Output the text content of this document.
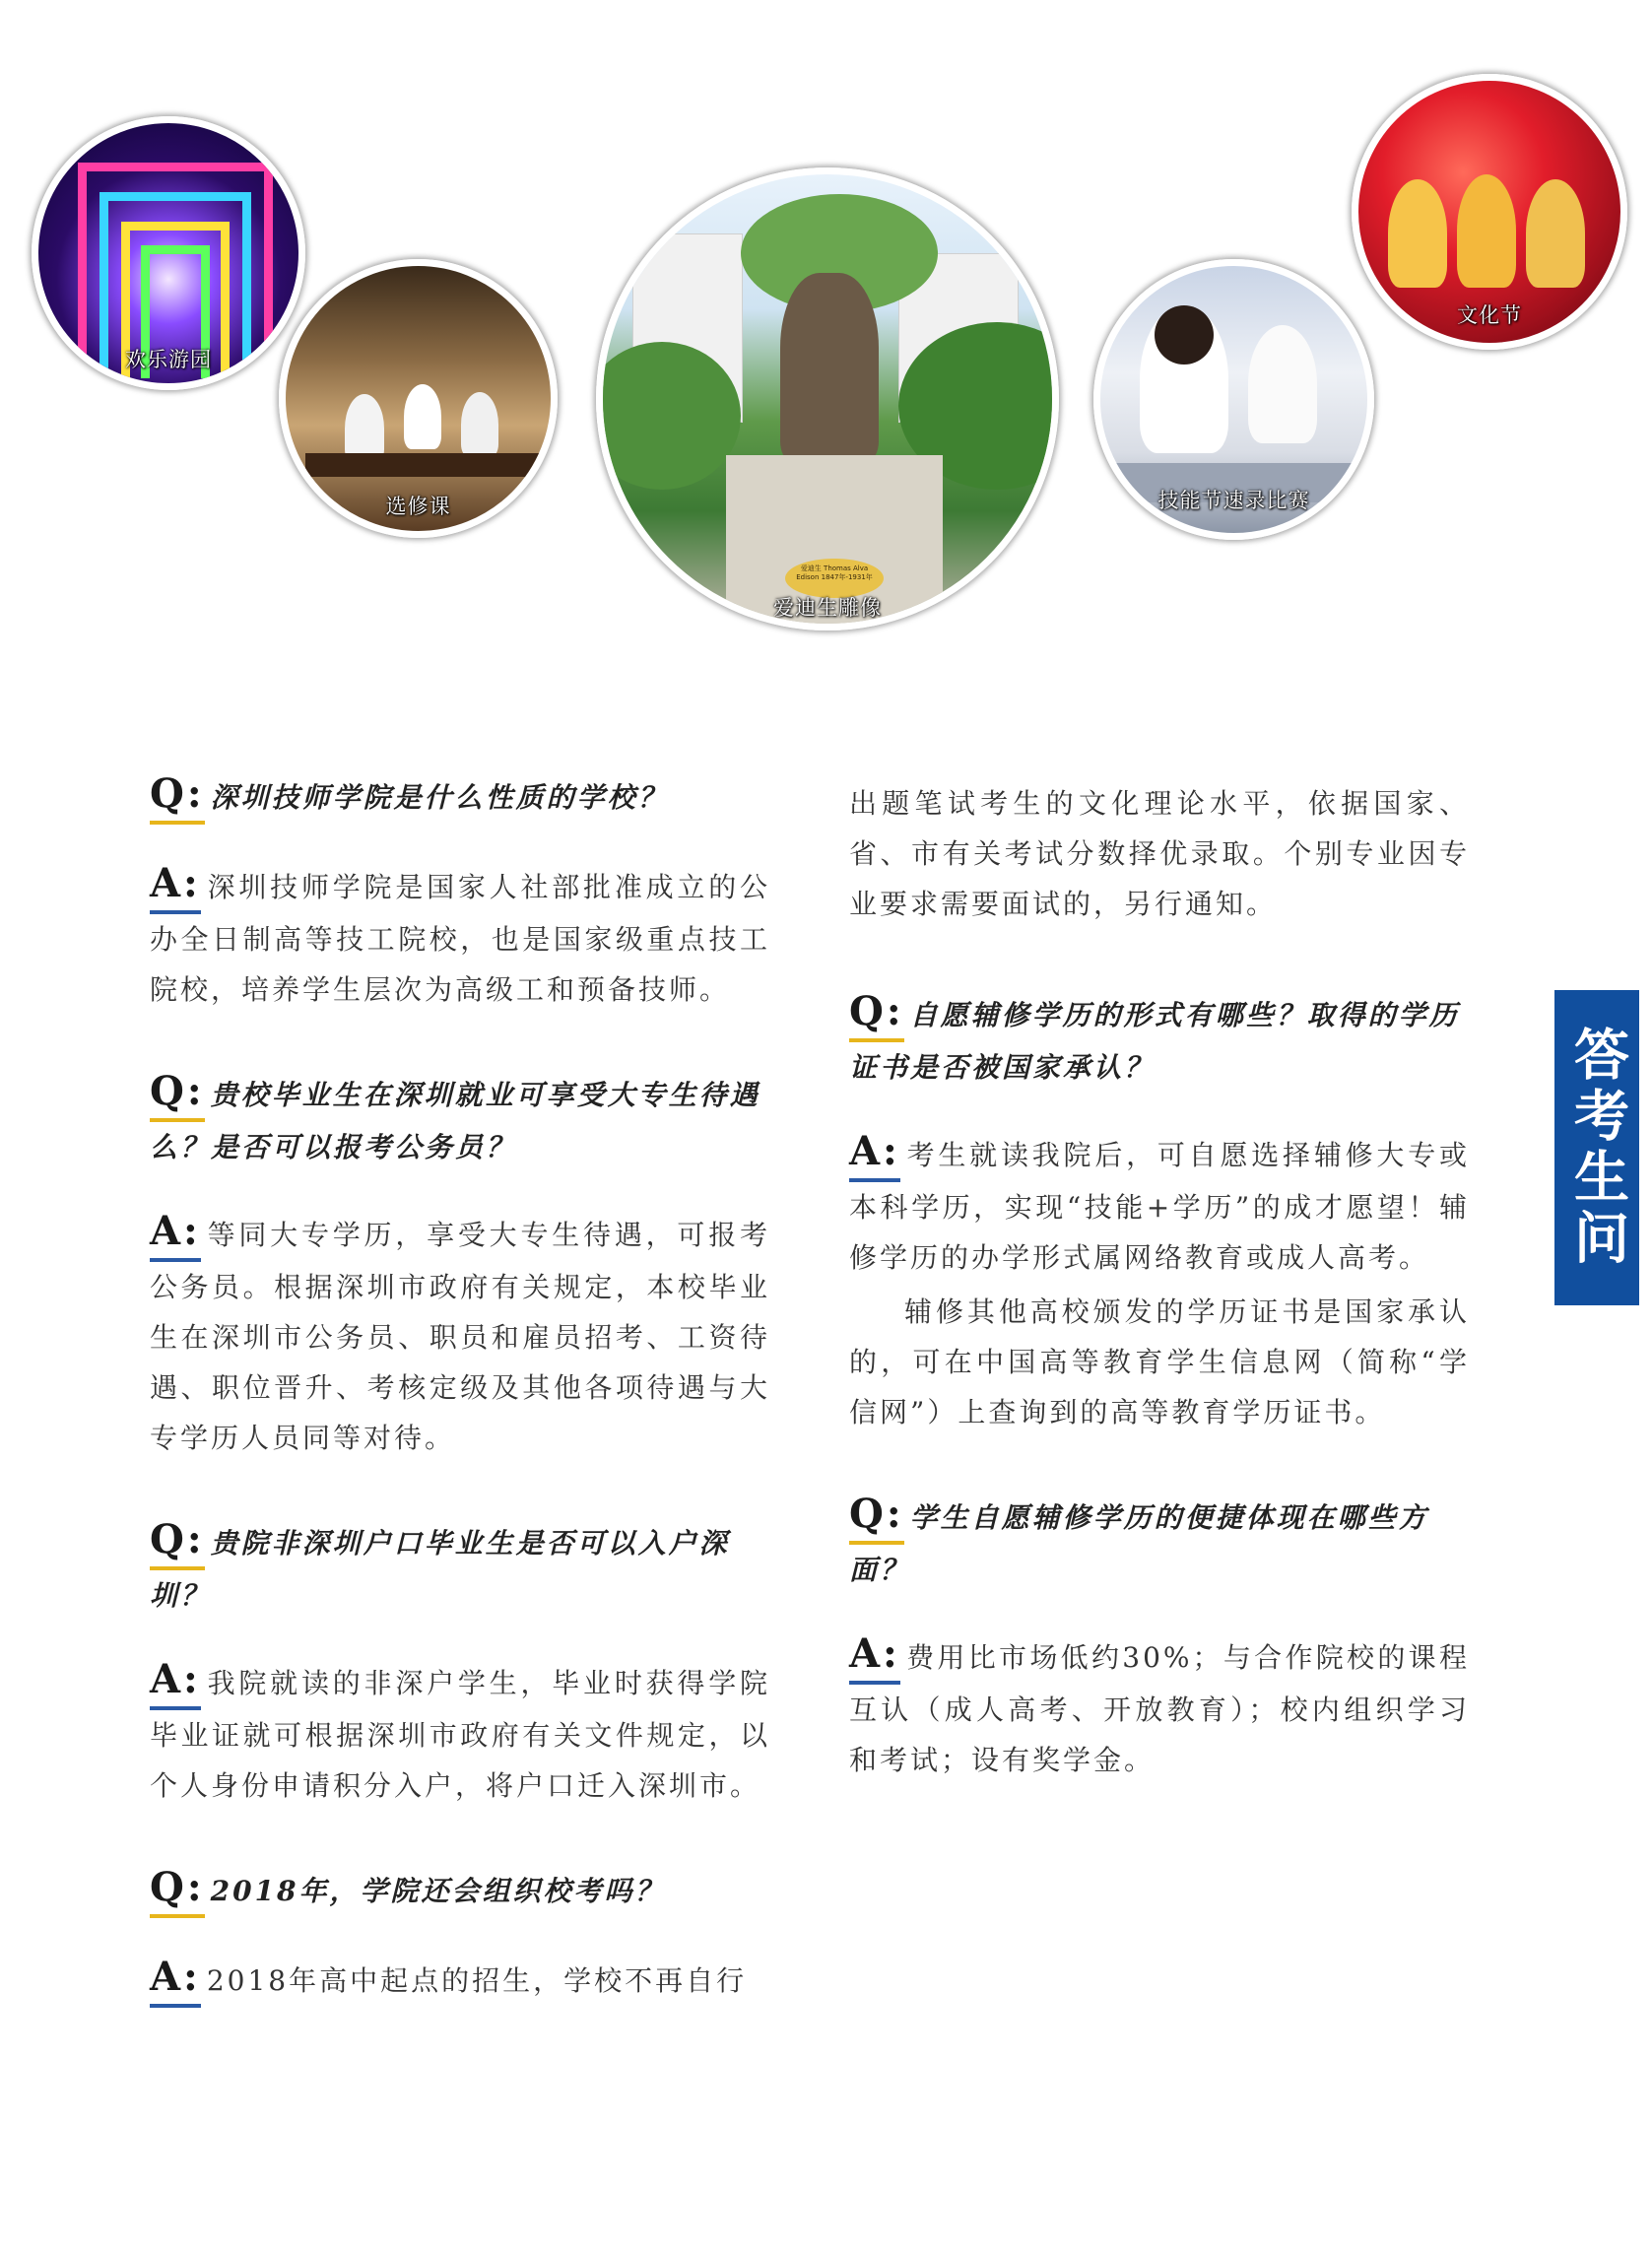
欢乐游园
选修课
爱迪生 Thomas Alva Edison 1847年-1931年
爱迪生雕像
技能节速录比赛
文化节
答考生问

Q: 深圳技师学院是什么性质的学校？

A: 深圳技师学院是国家人社部批准成立的公办全日制高等技工院校，也是国家级重点技工院校，培养学生层次为高级工和预备技师。

Q: 贵校毕业生在深圳就业可享受大专生待遇么？是否可以报考公务员？

A: 等同大专学历，享受大专生待遇，可报考公务员。根据深圳市政府有关规定，本校毕业生在深圳市公务员、职员和雇员招考、工资待遇、职位晋升、考核定级及其他各项待遇与大专学历人员同等对待。

Q: 贵院非深圳户口毕业生是否可以入户深圳？

A: 我院就读的非深户学生，毕业时获得学院毕业证就可根据深圳市政府有关文件规定，以个人身份申请积分入户，将户口迁入深圳市。

Q: 2018年，学院还会组织校考吗？

A: 2018年高中起点的招生，学校不再自行

出题笔试考生的文化理论水平，依据国家、省、市有关考试分数择优录取。个别专业因专业要求需要面试的，另行通知。

Q: 自愿辅修学历的形式有哪些？取得的学历证书是否被国家承认？

A: 考生就读我院后，可自愿选择辅修大专或本科学历，实现“技能+学历”的成才愿望！辅修学历的办学形式属网络教育或成人高考。

辅修其他高校颁发的学历证书是国家承认的，可在中国高等教育学生信息网（简称“学信网”）上查询到的高等教育学历证书。

Q: 学生自愿辅修学历的便捷体现在哪些方面？

A: 费用比市场低约30%；与合作院校的课程互认（成人高考、开放教育）；校内组织学习和考试；设有奖学金。
